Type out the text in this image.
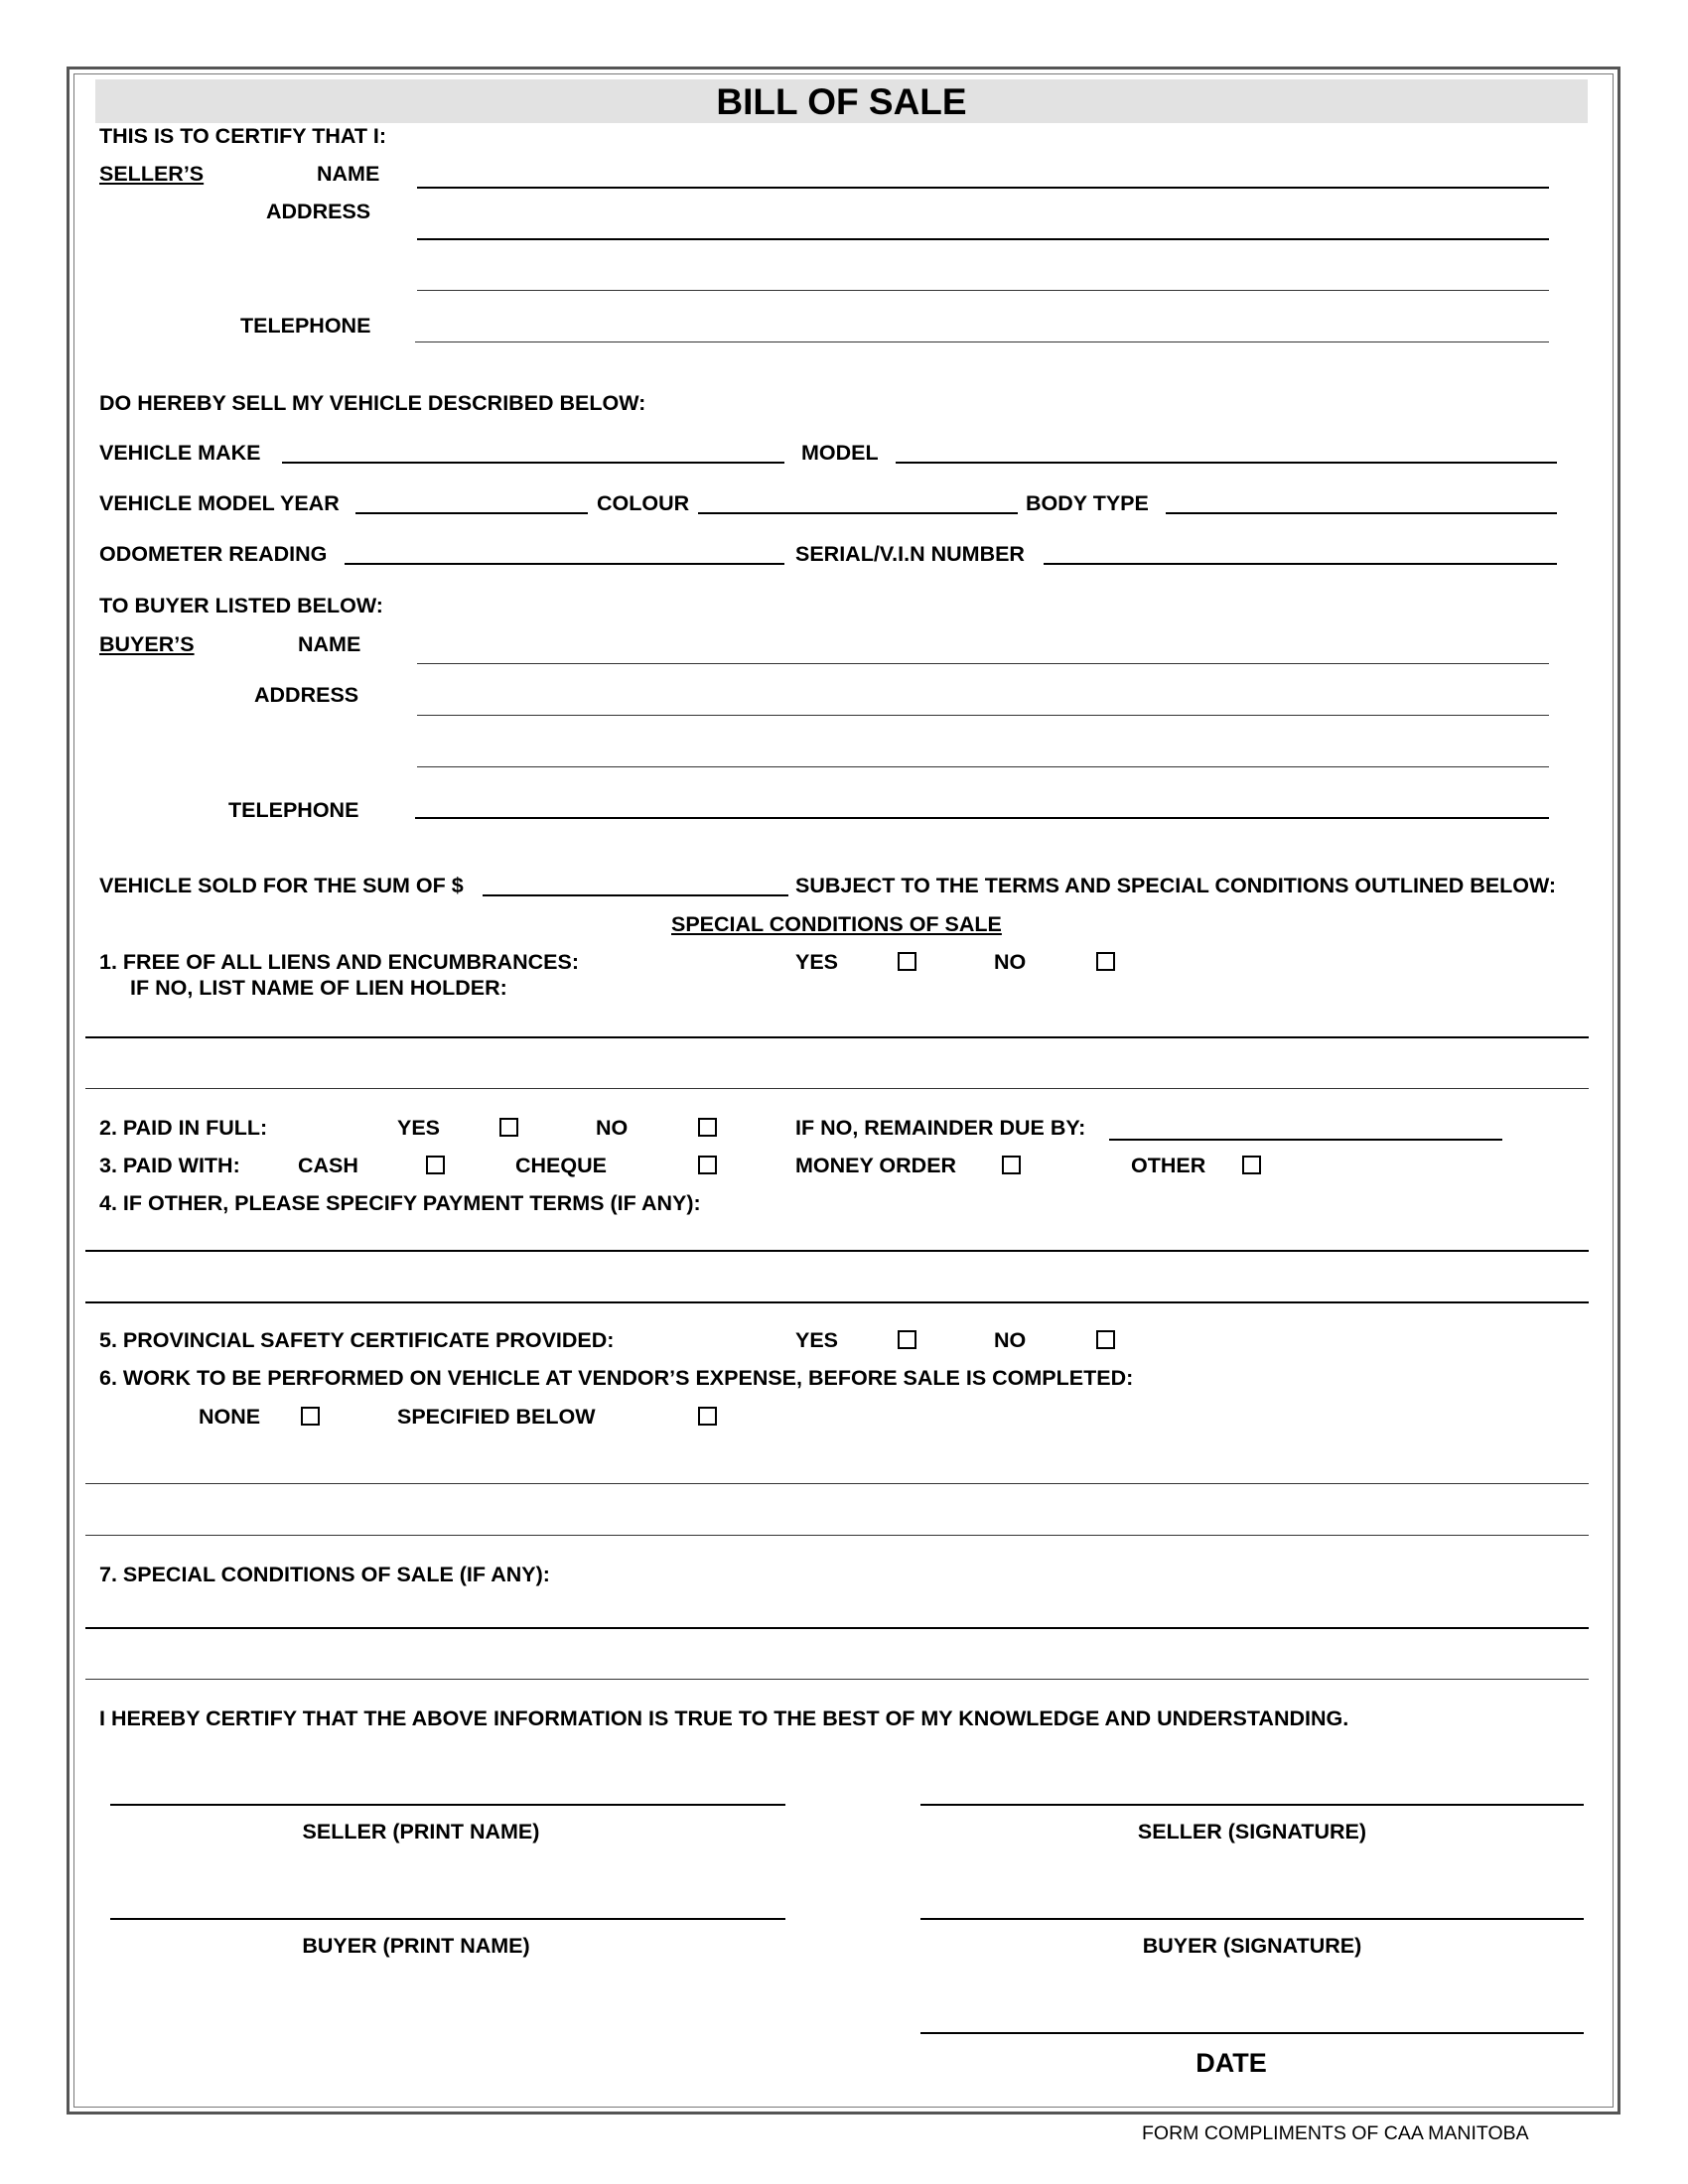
BILL OF SALE
THIS IS TO CERTIFY THAT I:
SELLER’S	NAME
ADDRESS
TELEPHONE
DO HEREBY SELL MY VEHICLE DESCRIBED BELOW:
VEHICLE MAKE	MODEL
VEHICLE MODEL YEAR	COLOUR	BODY TYPE
ODOMETER READING	SERIAL/V.I.N NUMBER
TO BUYER LISTED BELOW:
BUYER’S	NAME
ADDRESS
TELEPHONE
VEHICLE SOLD FOR THE SUM OF $	SUBJECT TO THE TERMS AND SPECIAL CONDITIONS OUTLINED BELOW:
SPECIAL CONDITIONS OF SALE
1. FREE OF ALL LIENS AND ENCUMBRANCES:	YES	NO
IF NO, LIST NAME OF LIEN HOLDER:
2. PAID IN FULL:	YES	NO	IF NO, REMAINDER DUE BY:
3. PAID WITH:	CASH	CHEQUE	MONEY ORDER	OTHER
4. IF OTHER, PLEASE SPECIFY PAYMENT TERMS (IF ANY):
5. PROVINCIAL SAFETY CERTIFICATE PROVIDED:	YES	NO
6. WORK TO BE PERFORMED ON VEHICLE AT VENDOR’S EXPENSE, BEFORE SALE IS COMPLETED:
NONE	SPECIFIED BELOW
7. SPECIAL CONDITIONS OF SALE (IF ANY):
I HEREBY CERTIFY THAT THE ABOVE INFORMATION IS TRUE TO THE BEST OF MY KNOWLEDGE AND UNDERSTANDING.
SELLER (PRINT NAME)	SELLER (SIGNATURE)
BUYER (PRINT NAME)	BUYER (SIGNATURE)
DATE
FORM COMPLIMENTS OF CAA MANITOBA
